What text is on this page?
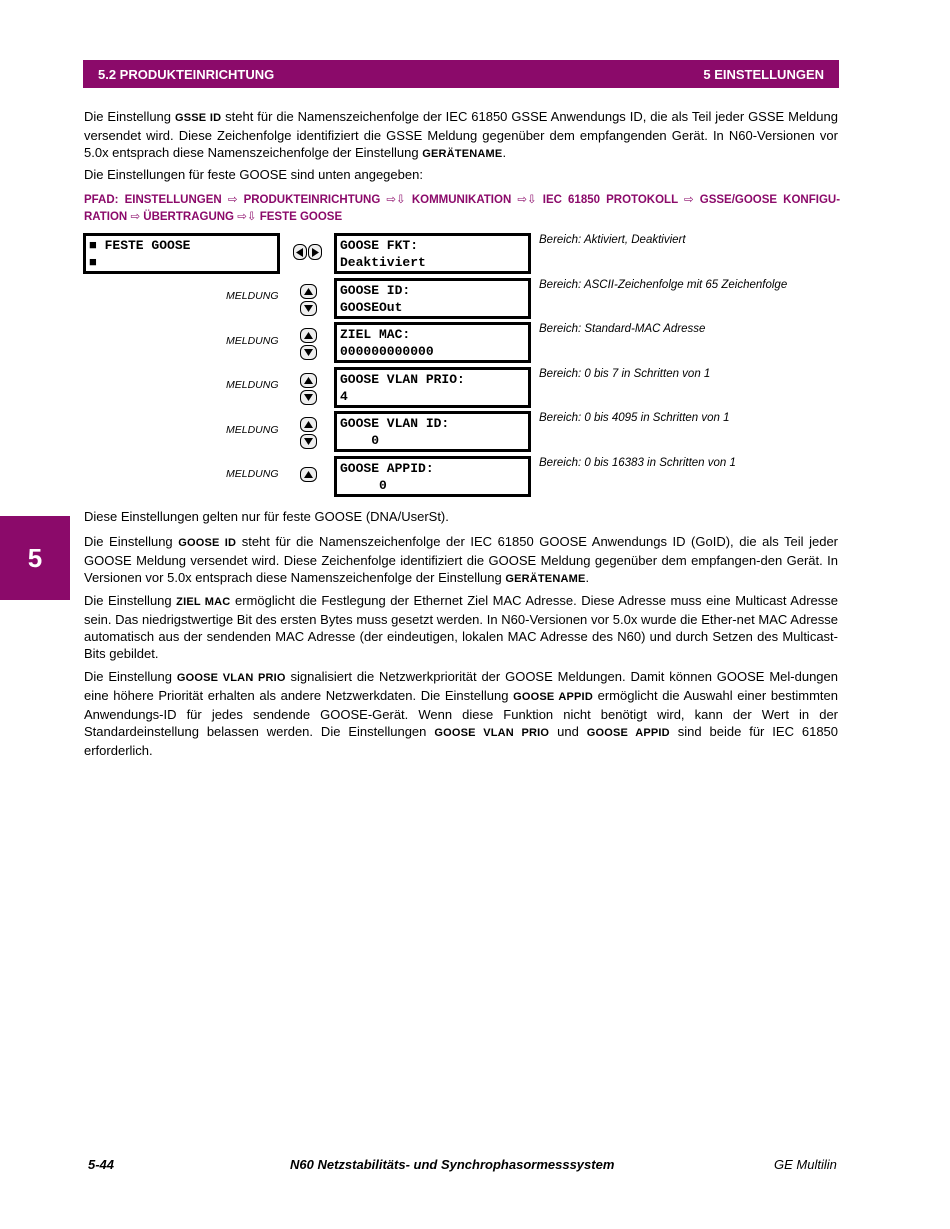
5.2 PRODUKTEINRICHTUNG	5 EINSTELLUNGEN
Die Einstellung GSSE ID steht für die Namenszeichenfolge der IEC 61850 GSSE Anwendungs ID, die als Teil jeder GSSE Meldung versendet wird. Diese Zeichenfolge identifiziert die GSSE Meldung gegenüber dem empfangenden Gerät. In N60-Versionen vor 5.0x entsprach diese Namenszeichenfolge der Einstellung GERÄTENAME.
Die Einstellungen für feste GOOSE sind unten angegeben:
PFAD: EINSTELLUNGEN ⇨ PRODUKTEINRICHTUNG ⇨⇩ KOMMUNIKATION ⇨⇩ IEC 61850 PROTOKOLL ⇨ GSSE/GOOSE KONFIGU-RATION ⇨ ÜBERTRAGUNG ⇨⇩ FESTE GOOSE
■ FESTE GOOSE
■
GOOSE FKT:
Deaktiviert
Bereich: Aktiviert, Deaktiviert
MELDUNG	GOOSE ID:
GOOSEOut
Bereich: ASCII-Zeichenfolge mit 65 Zeichenfolge
MELDUNG	ZIEL MAC:
000000000000
Bereich: Standard-MAC Adresse
MELDUNG	GOOSE VLAN PRIO:
4
Bereich: 0 bis 7 in Schritten von 1
MELDUNG	GOOSE VLAN ID:
0
Bereich: 0 bis 4095 in Schritten von 1
MELDUNG	GOOSE APPID:
0
Bereich: 0 bis 16383 in Schritten von 1
Diese Einstellungen gelten nur für feste GOOSE (DNA/UserSt).
Die Einstellung GOOSE ID steht für die Namenszeichenfolge der IEC 61850 GOOSE Anwendungs ID (GoID), die als Teil jeder GOOSE Meldung versendet wird. Diese Zeichenfolge identifiziert die GOOSE Meldung gegenüber dem empfangen-den Gerät. In Versionen vor 5.0x entsprach diese Namenszeichenfolge der Einstellung GERÄTENAME.
Die Einstellung ZIEL MAC ermöglicht die Festlegung der Ethernet Ziel MAC Adresse. Diese Adresse muss eine Multicast Adresse sein. Das niedrigstwertige Bit des ersten Bytes muss gesetzt werden. In N60-Versionen vor 5.0x wurde die Ether-net MAC Adresse automatisch aus der sendenden MAC Adresse (der eindeutigen, lokalen MAC Adresse des N60) und durch Setzen des Multicast-Bits gebildet.
Die Einstellung GOOSE VLAN PRIO signalisiert die Netzwerkpriorität der GOOSE Meldungen. Damit können GOOSE Mel-dungen eine höhere Priorität erhalten als andere Netzwerkdaten. Die Einstellung GOOSE APPID ermöglicht die Auswahl einer bestimmten Anwendungs-ID für jedes sendende GOOSE-Gerät. Wenn diese Funktion nicht benötigt wird, kann der Wert in der Standardeinstellung belassen werden. Die Einstellungen GOOSE VLAN PRIO und GOOSE APPID sind beide für IEC 61850 erforderlich.
5
5-44	N60 Netzstabilitäts- und Synchrophasormesssystem	GE Multilin
